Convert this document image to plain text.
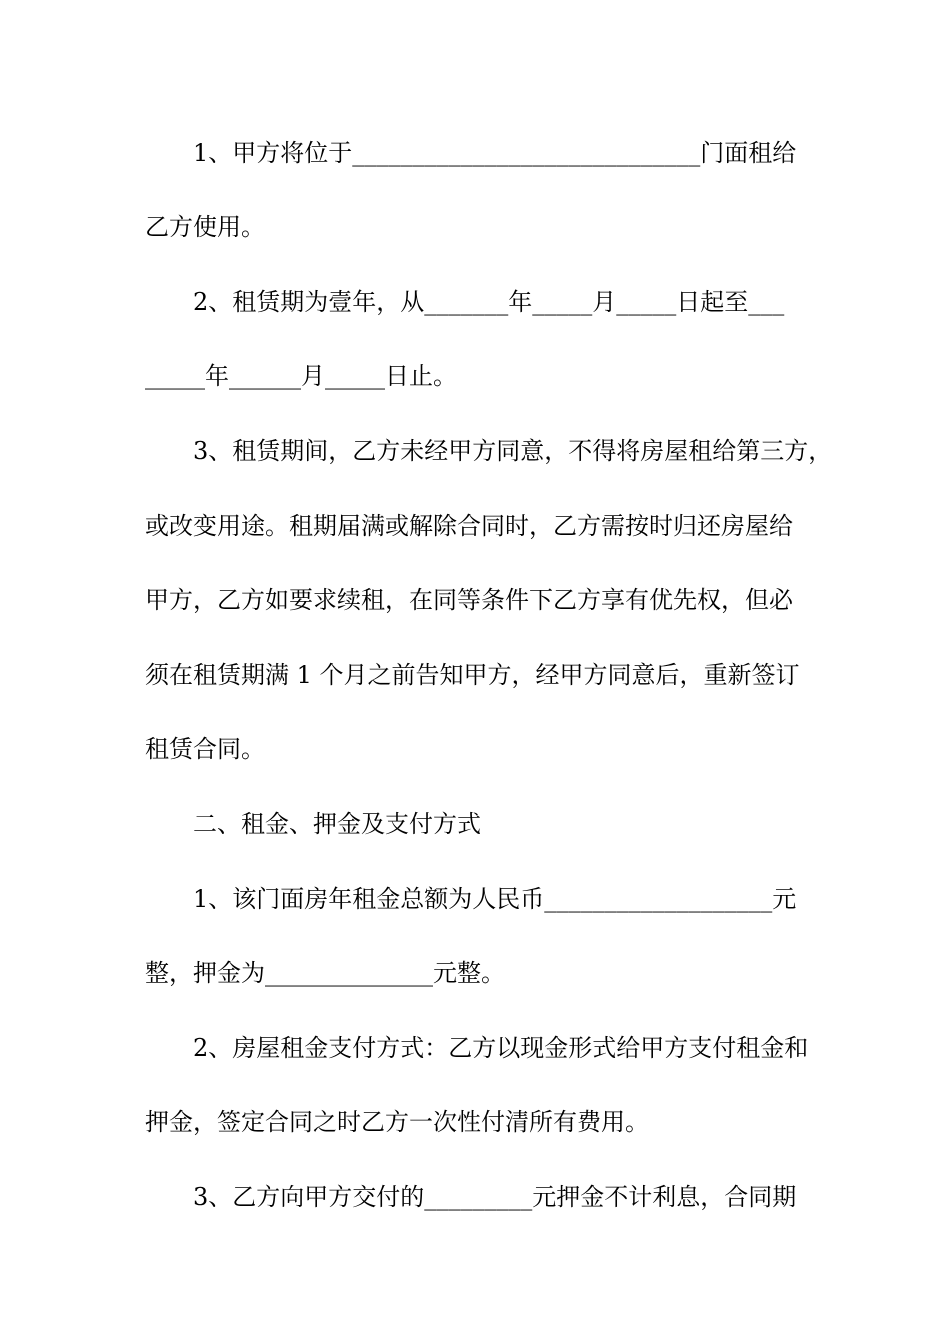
1、甲方将位于_____________________________门面租给
乙方使用。
2、租赁期为壹年，从_______年_____月_____日起至___
_____年______月_____日止。
3、租赁期间，乙方未经甲方同意，不得将房屋租给第三方，
或改变用途。租期届满或解除合同时，乙方需按时归还房屋给
甲方，乙方如要求续租，在同等条件下乙方享有优先权，但必
须在租赁期满 1 个月之前告知甲方，经甲方同意后，重新签订
租赁合同。
二、租金、押金及支付方式
1、该门面房年租金总额为人民币___________________元
整，押金为______________元整。
2、房屋租金支付方式：乙方以现金形式给甲方支付租金和
押金，签定合同之时乙方一次性付清所有费用。
3、乙方向甲方交付的_________元押金不计利息，合同期
